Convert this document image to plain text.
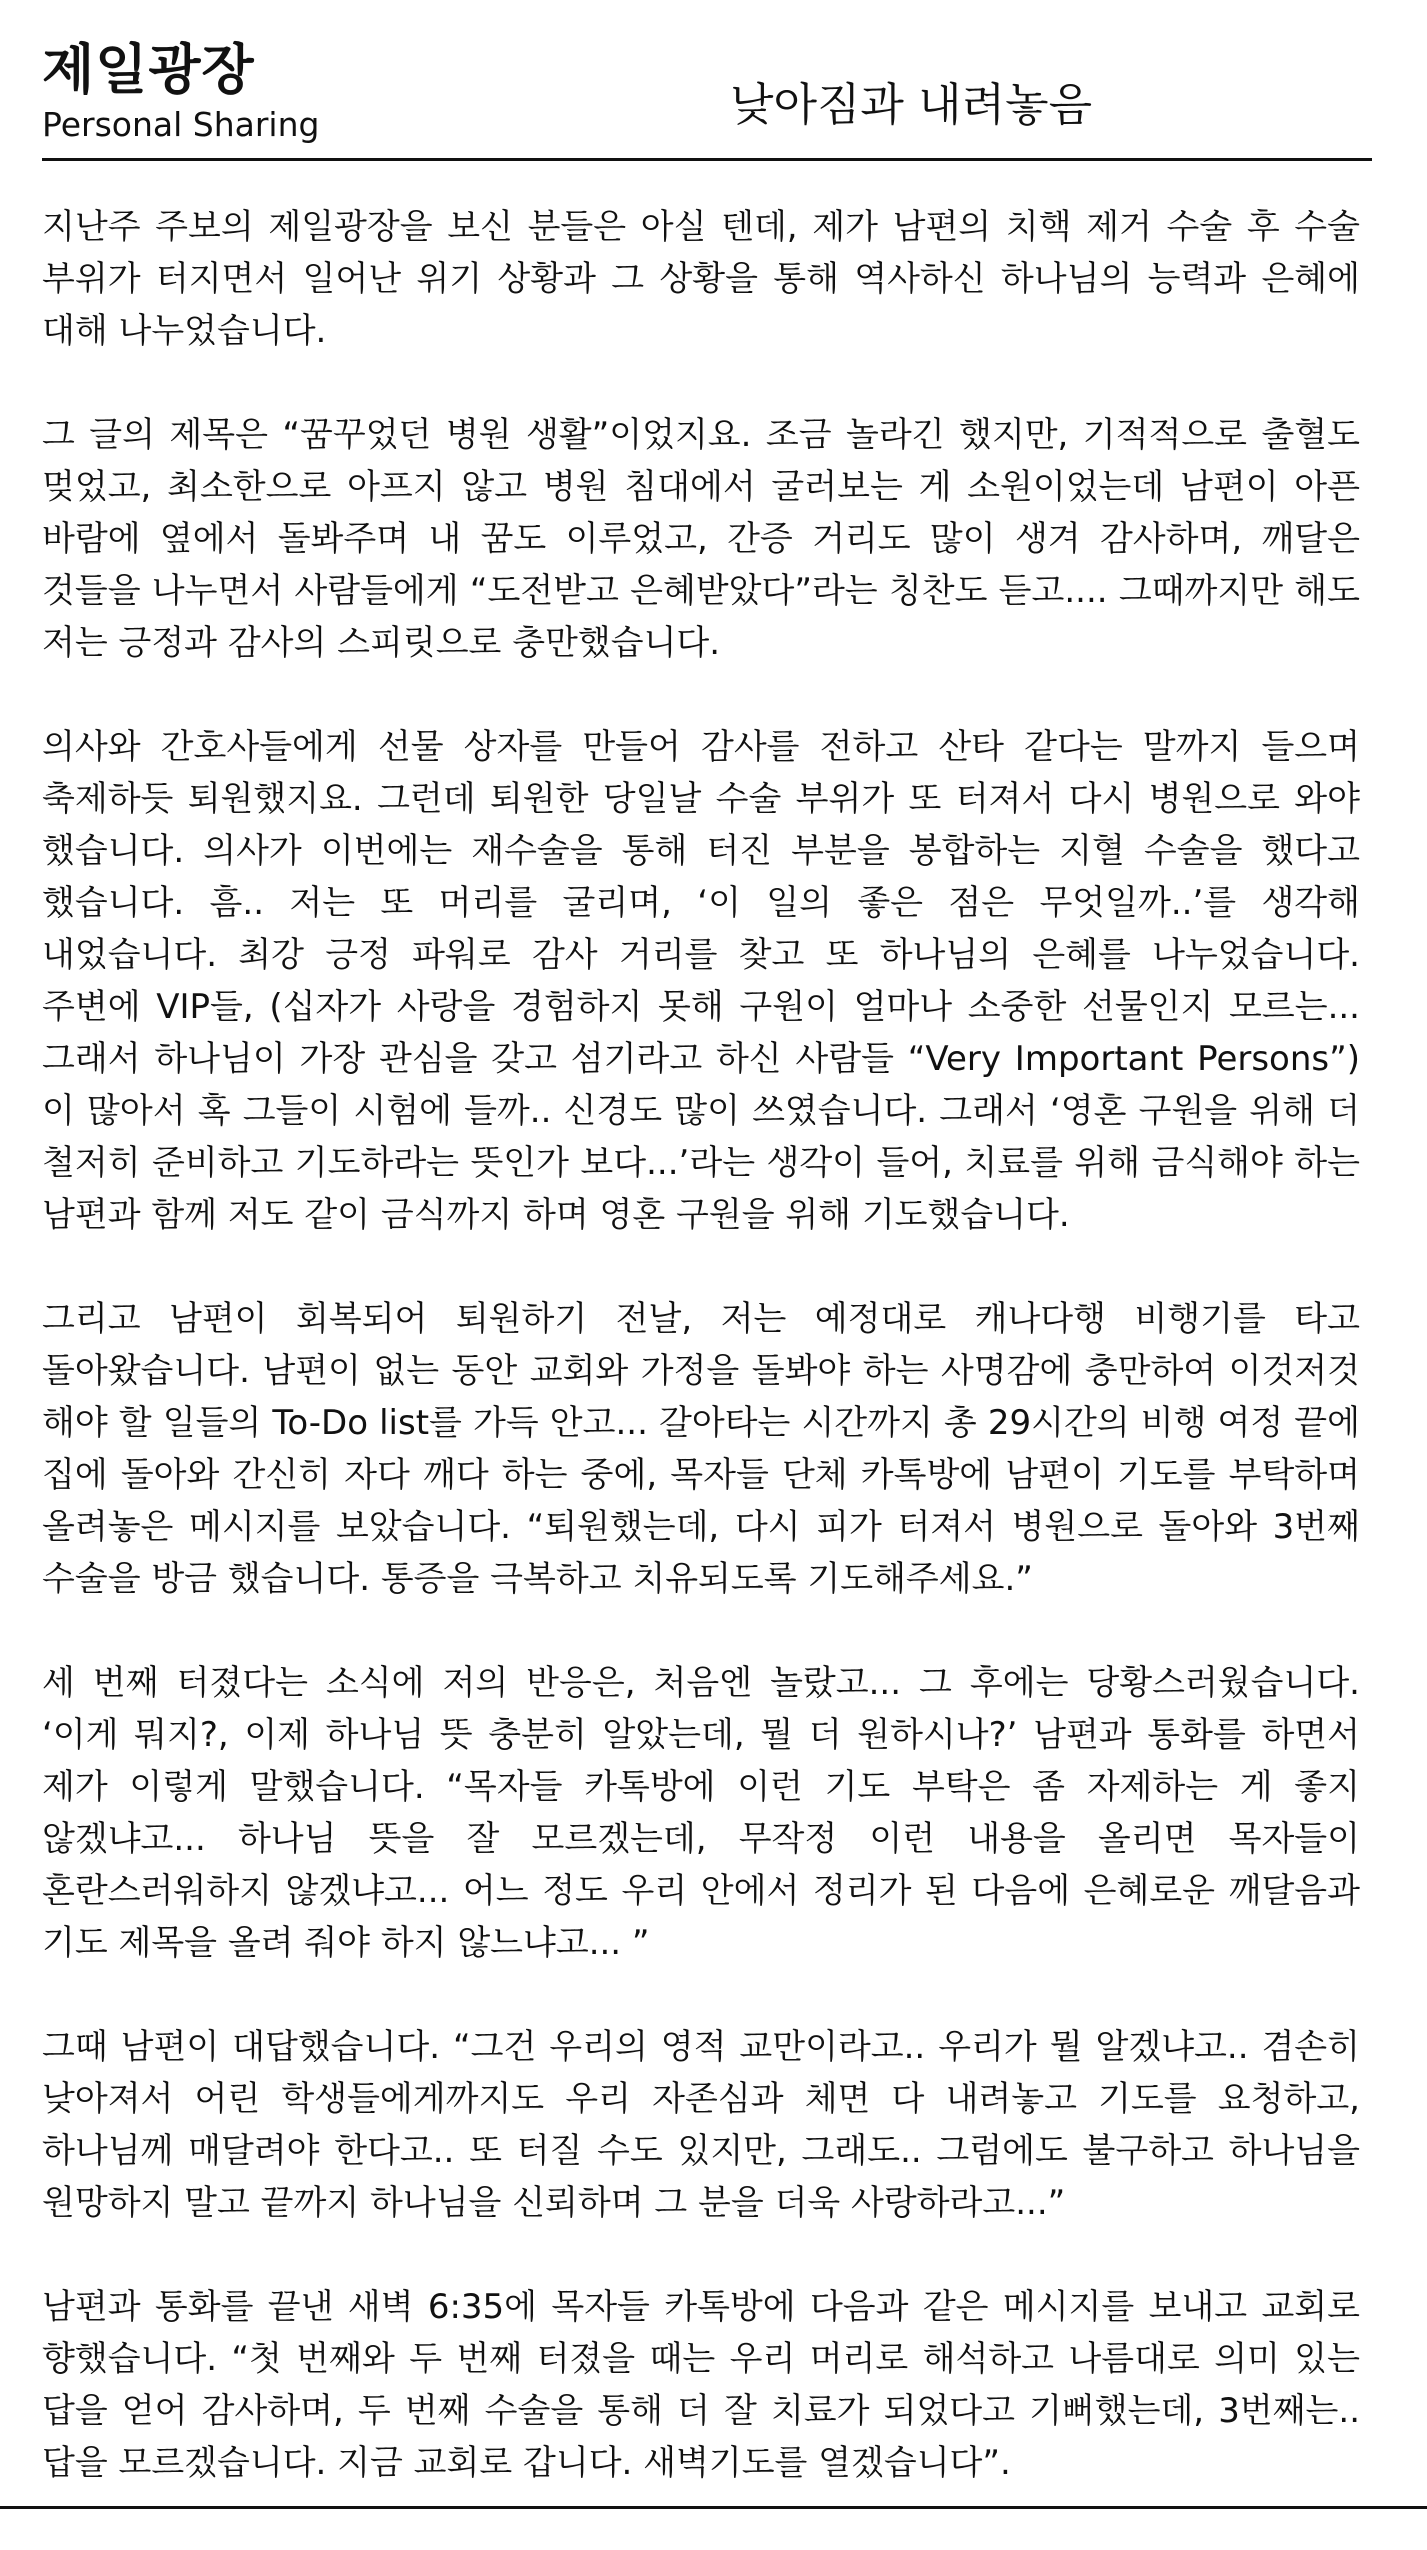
제일광장
Personal Sharing	낮아짐과 내려놓음

지난주 주보의 제일광장을 보신 분들은 아실 텐데, 제가 남편의 치핵 제거 수술 후 수술 부위가 터지면서 일어난 위기 상황과 그 상황을 통해 역사하신 하나님의 능력과 은혜에 대해 나누었습니다.

그 글의 제목은 “꿈꾸었던 병원 생활”이었지요. 조금 놀라긴 했지만, 기적적으로 출혈도 멎었고, 최소한으로 아프지 않고 병원 침대에서 굴러보는 게 소원이었는데 남편이 아픈 바람에 옆에서 돌봐주며 내 꿈도 이루었고, 간증 거리도 많이 생겨 감사하며, 깨달은 것들을 나누면서 사람들에게 “도전받고 은혜받았다”라는 칭찬도 듣고.... 그때까지만 해도 저는 긍정과 감사의 스피릿으로 충만했습니다.

의사와 간호사들에게 선물 상자를 만들어 감사를 전하고 산타 같다는 말까지 들으며 축제하듯 퇴원했지요. 그런데 퇴원한 당일날 수술 부위가 또 터져서 다시 병원으로 와야 했습니다. 의사가 이번에는 재수술을 통해 터진 부분을 봉합하는 지혈 수술을 했다고 했습니다. 흠.. 저는 또 머리를 굴리며, ‘이 일의 좋은 점은 무엇일까..’를 생각해 내었습니다. 최강 긍정 파워로 감사 거리를 찾고 또 하나님의 은혜를 나누었습니다. 주변에 VIP들, (십자가 사랑을 경험하지 못해 구원이 얼마나 소중한 선물인지 모르는... 그래서 하나님이 가장 관심을 갖고 섬기라고 하신 사람들 “Very Important Persons”)이 많아서 혹 그들이 시험에 들까.. 신경도 많이 쓰였습니다. 그래서 ‘영혼 구원을 위해 더 철저히 준비하고 기도하라는 뜻인가 보다...’라는 생각이 들어, 치료를 위해 금식해야 하는 남편과 함께 저도 같이 금식까지 하며 영혼 구원을 위해 기도했습니다.

그리고 남편이 회복되어 퇴원하기 전날, 저는 예정대로 캐나다행 비행기를 타고 돌아왔습니다. 남편이 없는 동안 교회와 가정을 돌봐야 하는 사명감에 충만하여 이것저것 해야 할 일들의 To-Do list를 가득 안고... 갈아타는 시간까지 총 29시간의 비행 여정 끝에 집에 돌아와 간신히 자다 깨다 하는 중에, 목자들 단체 카톡방에 남편이 기도를 부탁하며 올려놓은 메시지를 보았습니다. “퇴원했는데, 다시 피가 터져서 병원으로 돌아와 3번째 수술을 방금 했습니다. 통증을 극복하고 치유되도록 기도해주세요.”

세 번째 터졌다는 소식에 저의 반응은, 처음엔 놀랐고... 그 후에는 당황스러웠습니다. ‘이게 뭐지?, 이제 하나님 뜻 충분히 알았는데, 뭘 더 원하시나?’ 남편과 통화를 하면서 제가 이렇게 말했습니다. “목자들 카톡방에 이런 기도 부탁은 좀 자제하는 게 좋지 않겠냐고... 하나님 뜻을 잘 모르겠는데, 무작정 이런 내용을 올리면 목자들이 혼란스러워하지 않겠냐고... 어느 정도 우리 안에서 정리가 된 다음에 은혜로운 깨달음과 기도 제목을 올려 줘야 하지 않느냐고... ”

그때 남편이 대답했습니다. “그건 우리의 영적 교만이라고.. 우리가 뭘 알겠냐고.. 겸손히 낮아져서 어린 학생들에게까지도 우리 자존심과 체면 다 내려놓고 기도를 요청하고, 하나님께 매달려야 한다고.. 또 터질 수도 있지만, 그래도.. 그럼에도 불구하고 하나님을 원망하지 말고 끝까지 하나님을 신뢰하며 그 분을 더욱 사랑하라고...”

남편과 통화를 끝낸 새벽 6:35에 목자들 카톡방에 다음과 같은 메시지를 보내고 교회로 향했습니다. “첫 번째와 두 번째 터졌을 때는 우리 머리로 해석하고 나름대로 의미 있는 답을 얻어 감사하며, 두 번째 수술을 통해 더 잘 치료가 되었다고 기뻐했는데, 3번째는.. 답을 모르겠습니다. 지금 교회로 갑니다. 새벽기도를 열겠습니다”.
